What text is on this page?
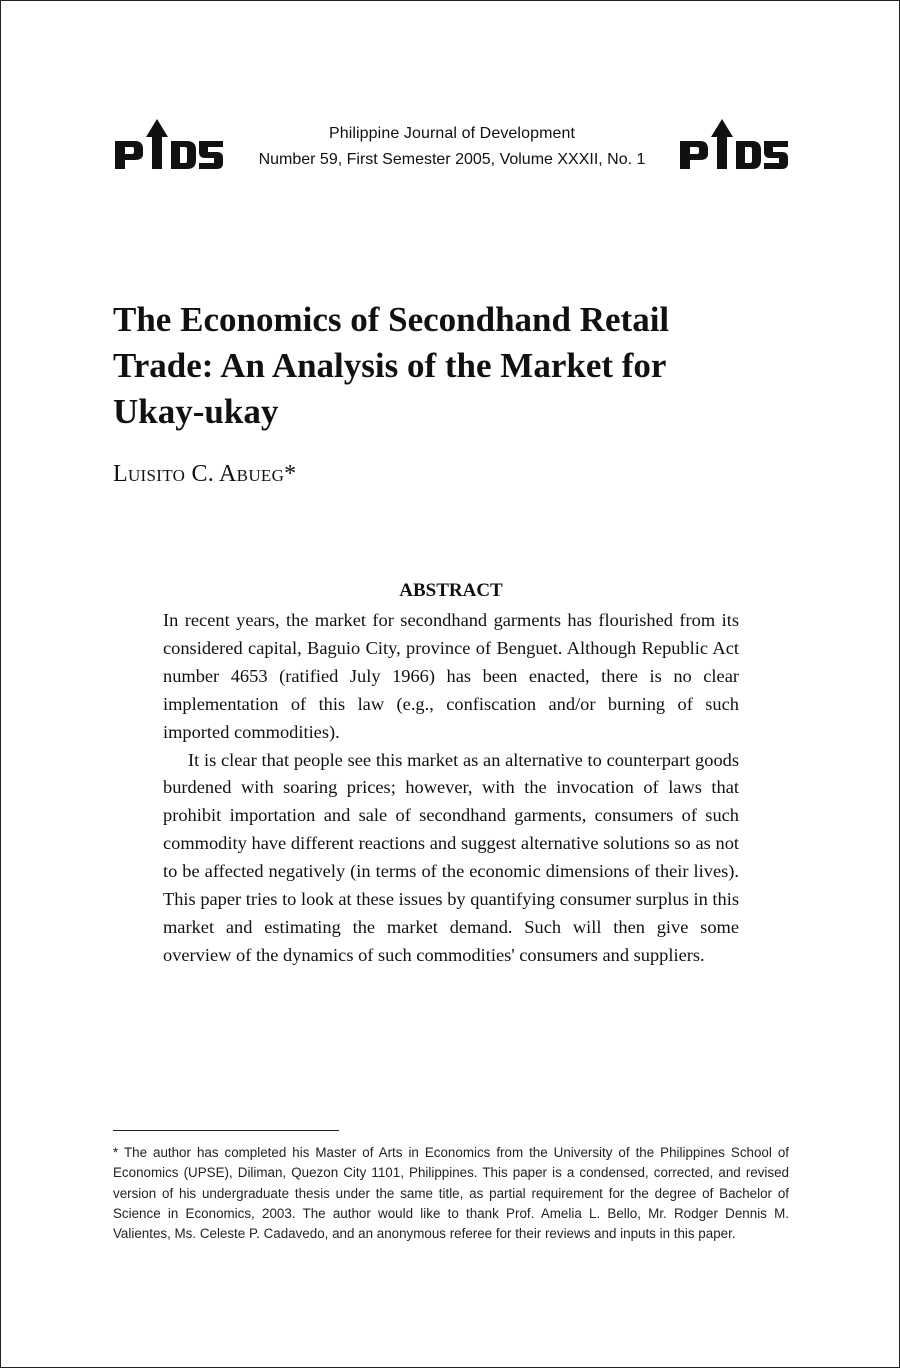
Philippine Journal of Development
Number 59, First Semester 2005, Volume XXXII, No. 1
The Economics of Secondhand Retail Trade: An Analysis of the Market for Ukay-ukay
Luisito C. Abueg*
ABSTRACT

In recent years, the market for secondhand garments has flourished from its considered capital, Baguio City, province of Benguet. Although Republic Act number 4653 (ratified July 1966) has been enacted, there is no clear implementation of this law (e.g., confiscation and/or burning of such imported commodities).

It is clear that people see this market as an alternative to counterpart goods burdened with soaring prices; however, with the invocation of laws that prohibit importation and sale of secondhand garments, consumers of such commodity have different reactions and suggest alternative solutions so as not to be affected negatively (in terms of the economic dimensions of their lives). This paper tries to look at these issues by quantifying consumer surplus in this market and estimating the market demand. Such will then give some overview of the dynamics of such commodities' consumers and suppliers.

* The author has completed his Master of Arts in Economics from the University of the Philippines School of Economics (UPSE), Diliman, Quezon City 1101, Philippines. This paper is a condensed, corrected, and revised version of his undergraduate thesis under the same title, as partial requirement for the degree of Bachelor of Science in Economics, 2003. The author would like to thank Prof. Amelia L. Bello, Mr. Rodger Dennis M. Valientes, Ms. Celeste P. Cadavedo, and an anonymous referee for their reviews and inputs in this paper.
